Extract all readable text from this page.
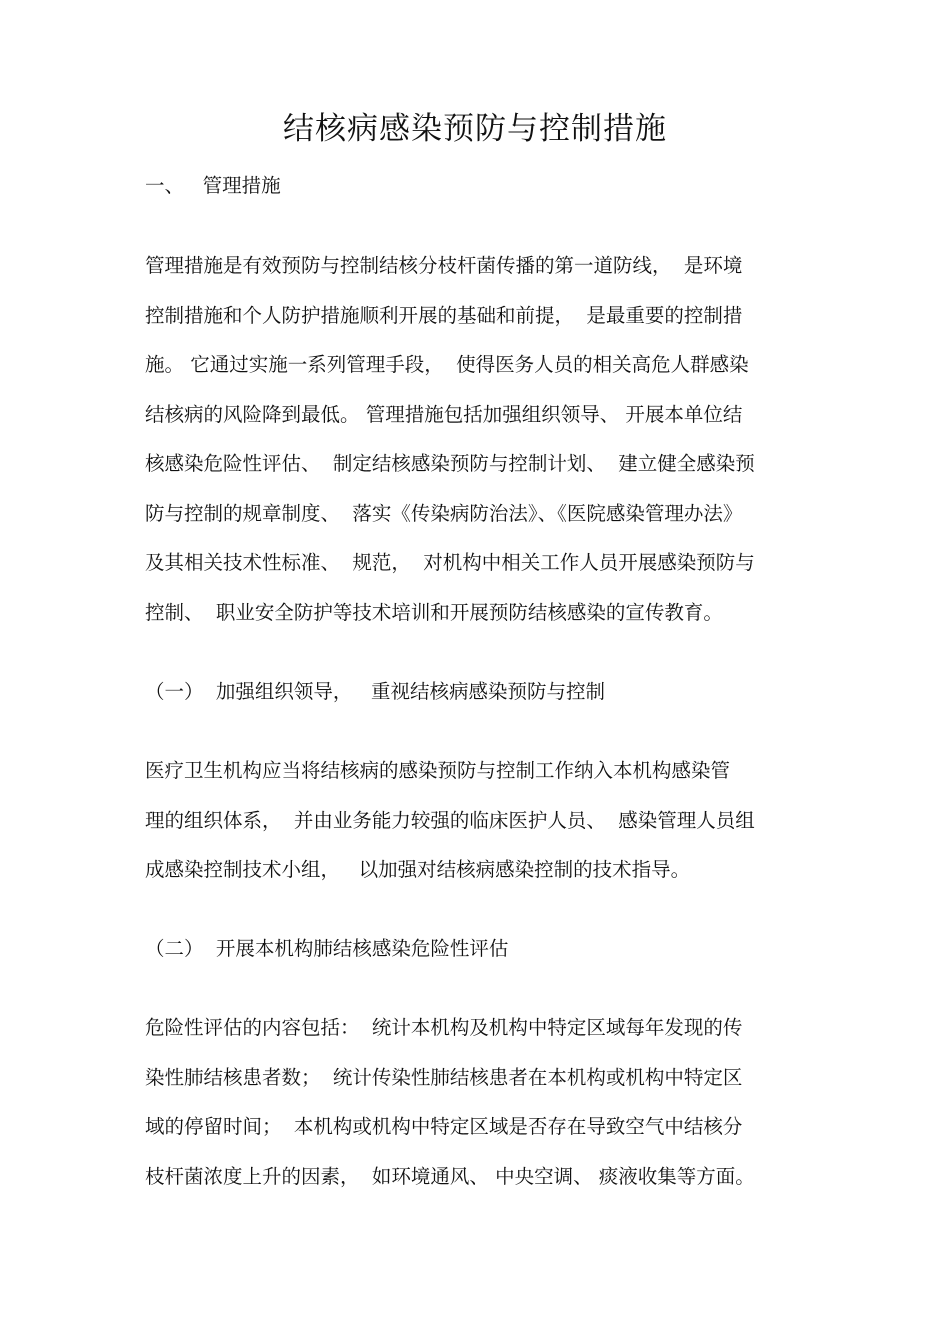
结核病感染预防与控制措施

一、   管理措施

管理措施是有效预防与控制结核分枝杆菌传播的第一道防线，  是环境

控制措施和个人防护措施顺利开展的基础和前提，  是最重要的控制措

施。 它通过实施一系列管理手段，  使得医务人员的相关高危人群感染

结核病的风险降到最低。 管理措施包括加强组织领导、 开展本单位结

核感染危险性评估、  制定结核感染预防与控制计划、  建立健全感染预

防与控制的规章制度、  落实《传染病防治法》、《医院感染管理办法》

及其相关技术性标准、  规范，  对机构中相关工作人员开展感染预防与

控制、  职业安全防护等技术培训和开展预防结核感染的宣传教育。

（一）  加强组织领导，   重视结核病感染预防与控制

医疗卫生机构应当将结核病的感染预防与控制工作纳入本机构感染管

理的组织体系，  并由业务能力较强的临床医护人员、  感染管理人员组

成感染控制技术小组，   以加强对结核病感染控制的技术指导。

（二）  开展本机构肺结核感染危险性评估

危险性评估的内容包括：  统计本机构及机构中特定区域每年发现的传

染性肺结核患者数；  统计传染性肺结核患者在本机构或机构中特定区

域的停留时间；  本机构或机构中特定区域是否存在导致空气中结核分

枝杆菌浓度上升的因素，  如环境通风、 中央空调、 痰液收集等方面。
